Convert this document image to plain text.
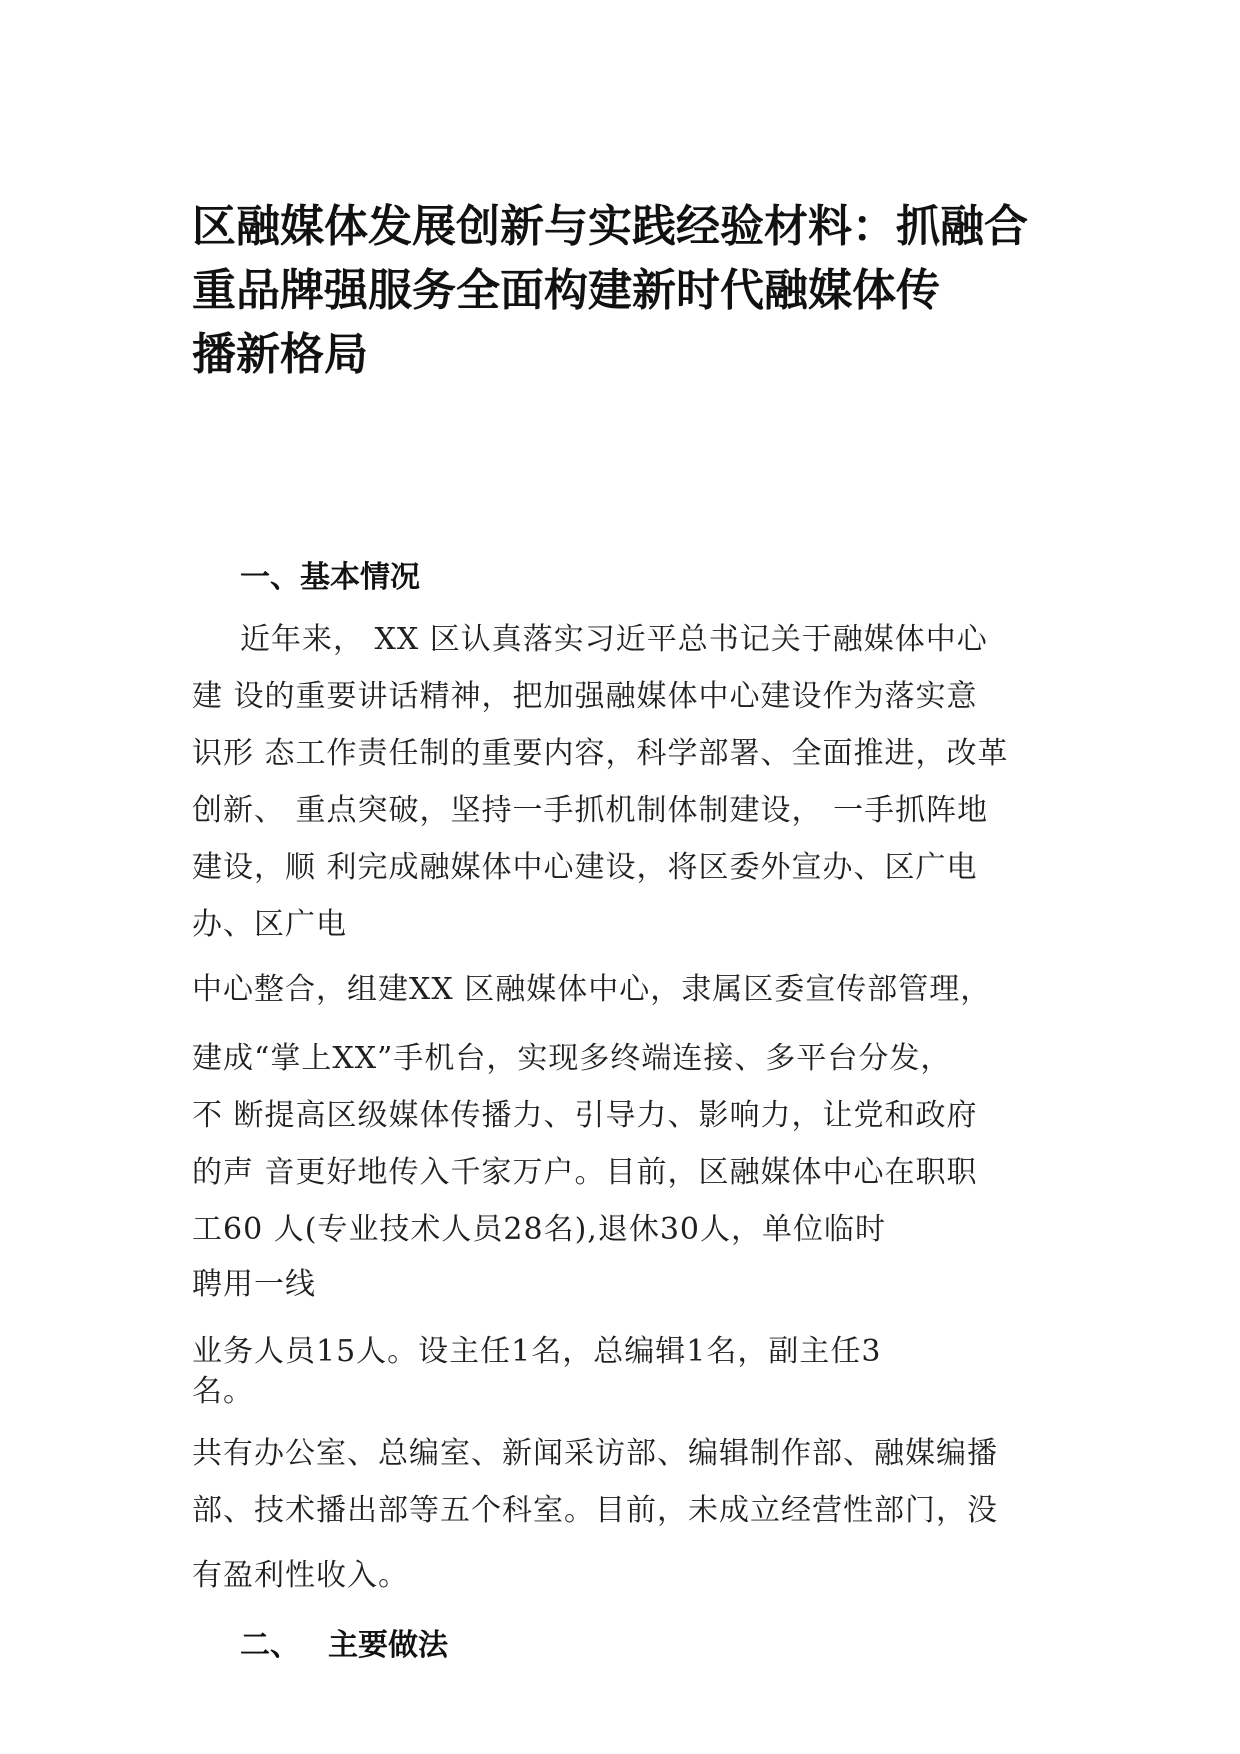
区融媒体发展创新与实践经验材料：抓融合
重品牌强服务全面构建新时代融媒体传
播新格局
一、基本情况
近年来， XX 区认真落实习近平总书记关于融媒体中心
建 设的重要讲话精神，把加强融媒体中心建设作为落实意
识形 态工作责任制的重要内容，科学部署、全面推进，改革
创新、 重点突破，坚持一手抓机制体制建设， 一手抓阵地
建设，顺 利完成融媒体中心建设，将区委外宣办、区广电
办、区广电
中心整合，组建XX 区融媒体中心，隶属区委宣传部管理，
建成“掌上XX”手机台，实现多终端连接、多平台分发，
不 断提高区级媒体传播力、引导力、影响力，让党和政府
的声 音更好地传入千家万户。目前，区融媒体中心在职职
工60 人(专业技术人员28名),退休30人，单位临时
聘用一线
业务人员15人。设主任1名，总编辑1名，副主任3
名。
共有办公室、总编室、新闻采访部、编辑制作部、融媒编播
部、技术播出部等五个科室。目前，未成立经营性部门，没
有盈利性收入。
二、 主要做法
